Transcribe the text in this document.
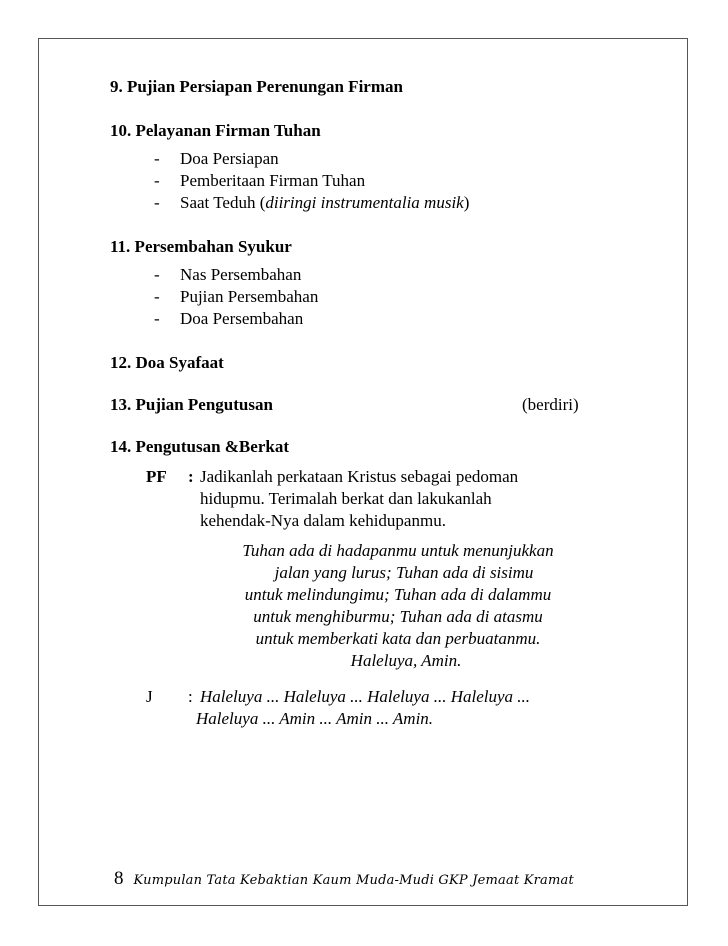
9. Pujian Persiapan Perenungan Firman
10. Pelayanan Firman Tuhan
- Doa Persiapan
- Pemberitaan Firman Tuhan
- Saat Teduh (diiringi instrumentalia musik)
11. Persembahan Syukur
- Nas Persembahan
- Pujian Persembahan
- Doa Persembahan
12. Doa Syafaat
13. Pujian Pengutusan	(berdiri)
14. Pengutusan &Berkat
PF : Jadikanlah perkataan Kristus sebagai pedoman
hidupmu. Terimalah berkat dan lakukanlah
kehendak-Nya dalam kehidupanmu.
Tuhan ada di hadapanmu untuk menunjukkan
jalan yang lurus; Tuhan ada di sisimu
untuk melindungimu; Tuhan ada di dalammu
untuk menghiburmu; Tuhan ada di atasmu
untuk memberkati kata dan perbuatanmu.
Haleluya, Amin.
J : Haleluya ... Haleluya ... Haleluya ... Haleluya ...
Haleluya ... Amin ... Amin ... Amin.
8 Kumpulan Tata Kebaktian Kaum Muda-Mudi GKP Jemaat Kramat
